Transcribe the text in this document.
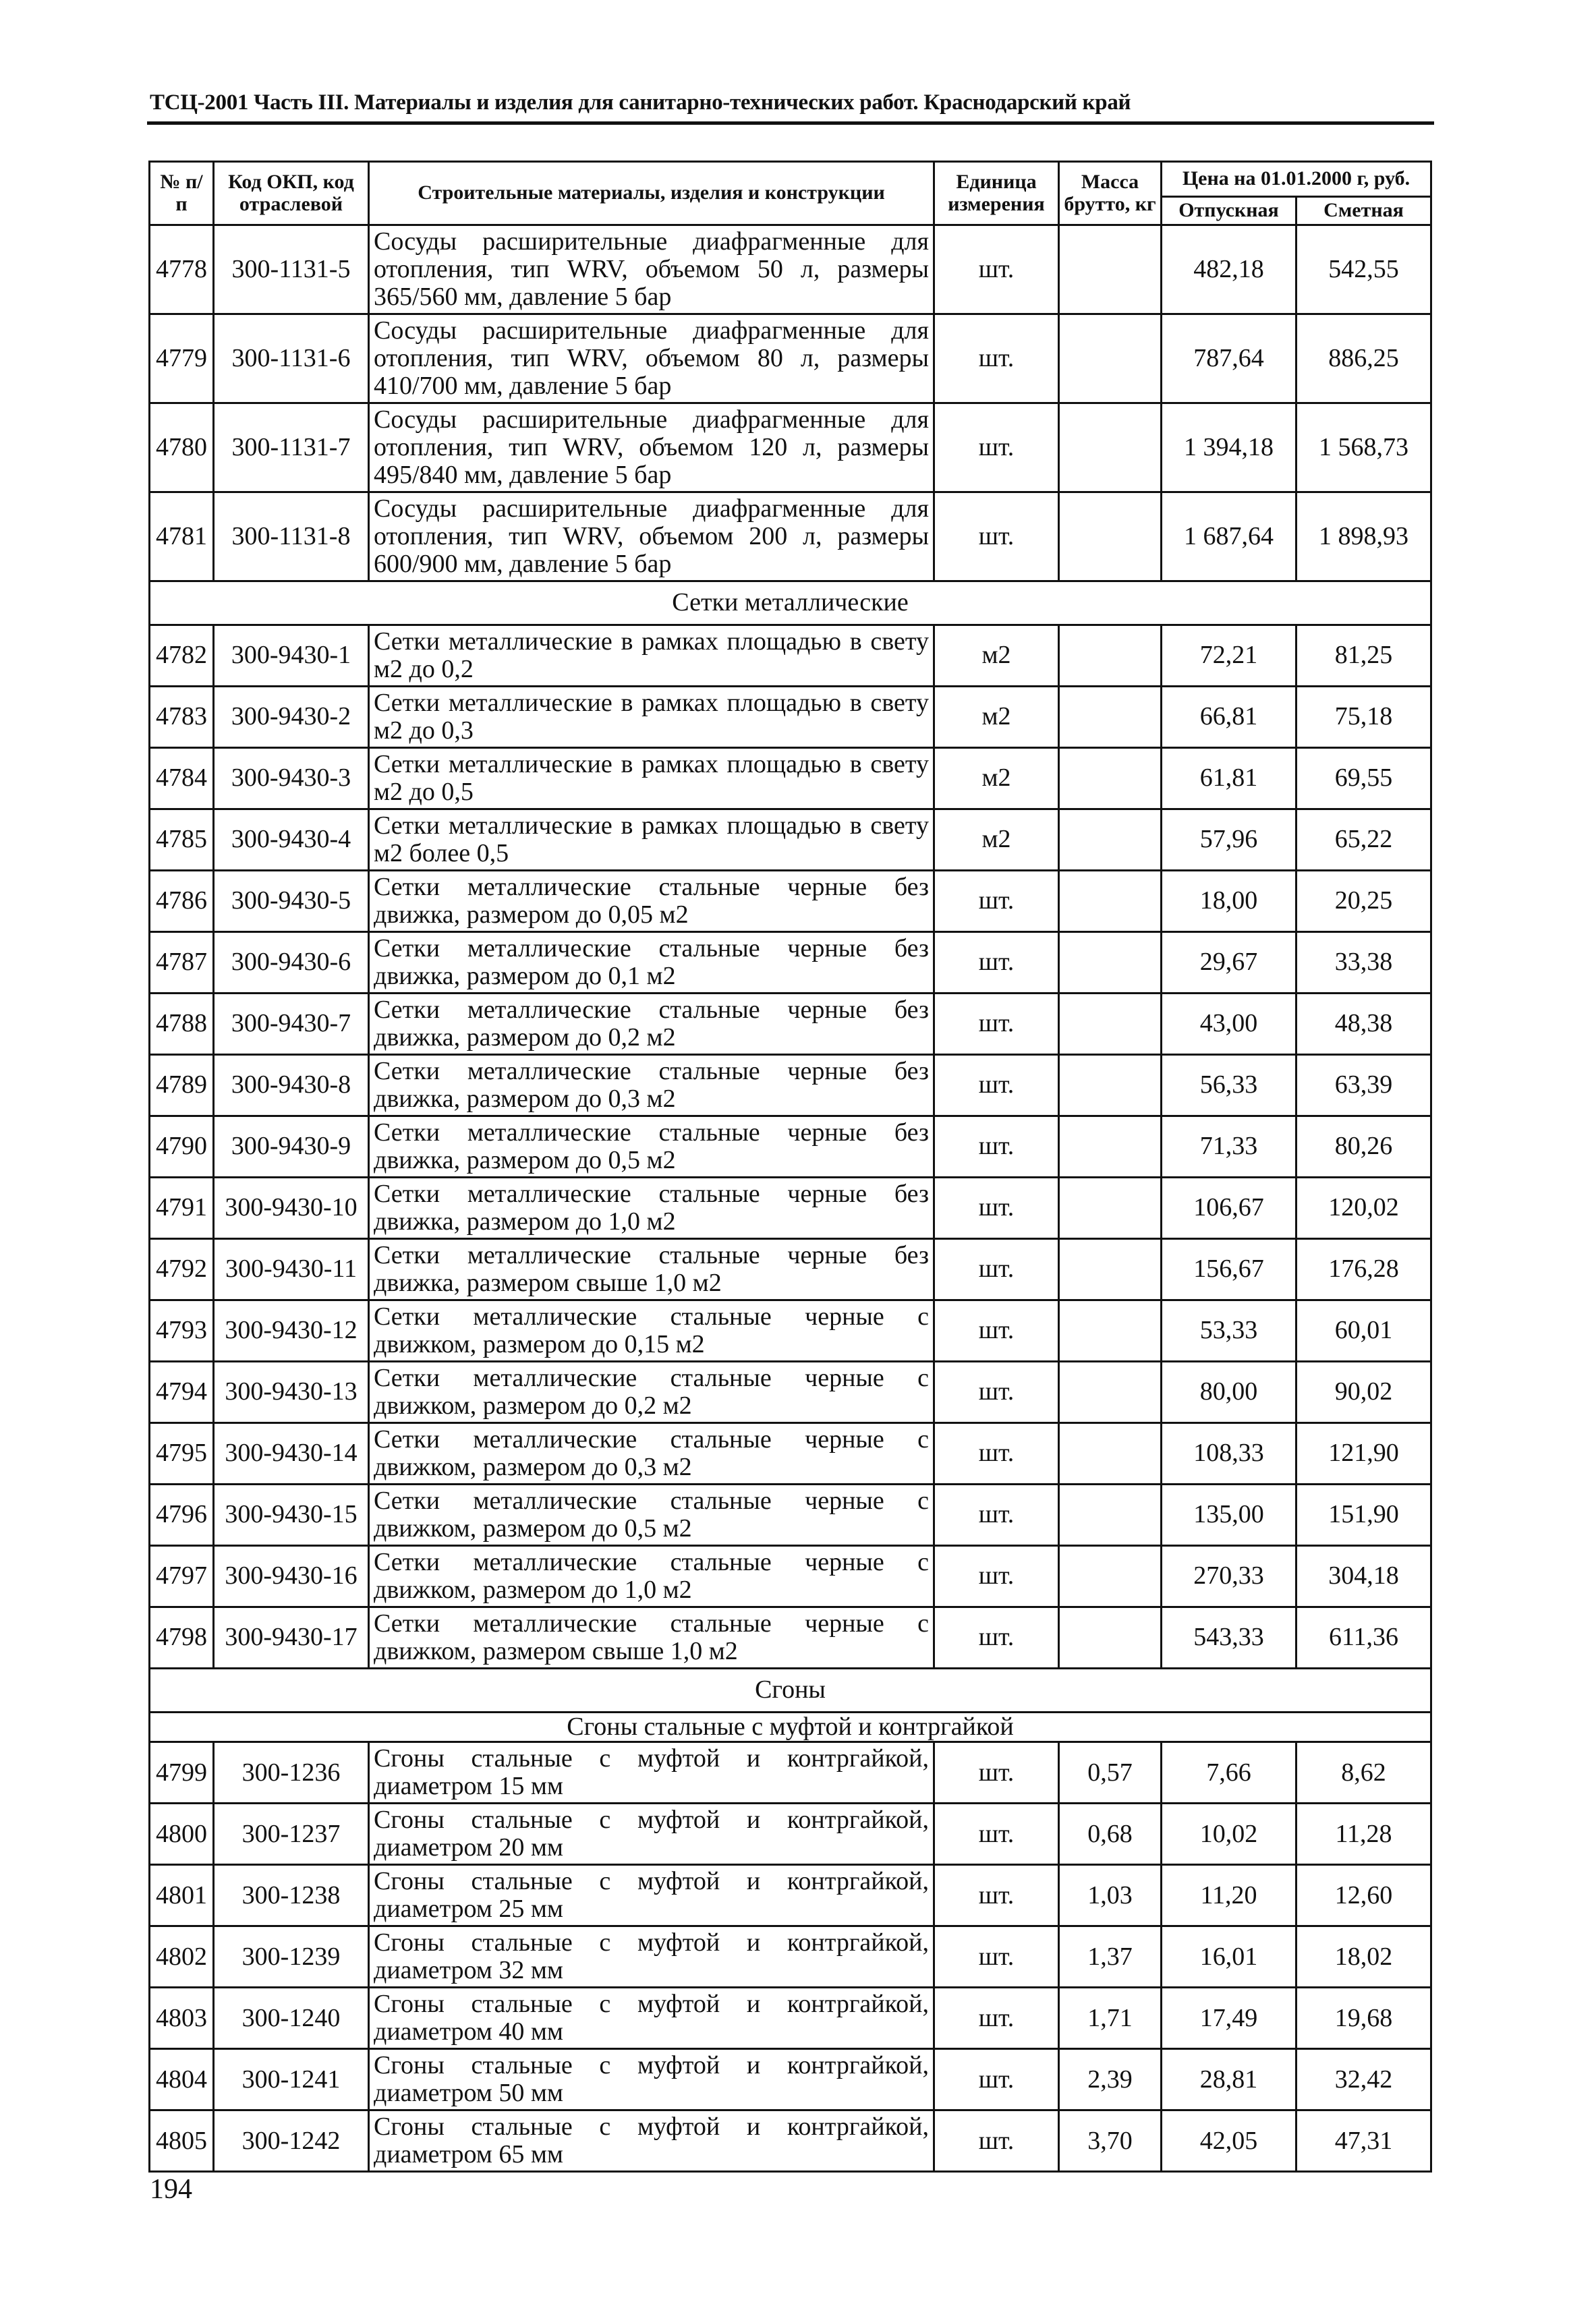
ТСЦ-2001 Часть III. Материалы и изделия для санитарно-технических работ. Краснодарский край
№ п/п	Код ОКП, код отраслевой	Строительные материалы, изделия и конструкции	Единица измерения	Масса брутто, кг	Цена на 01.01.2000 г, руб.	
					Отпускная	Сметная
4778	300-1131-5	Сосуды расширительные диафрагменные для отопления, тип WRV, объемом 50 л, размеры 365/560 мм, давление 5 бар	шт.		482,18	542,55
4779	300-1131-6	Сосуды расширительные диафрагменные для отопления, тип WRV, объемом 80 л, размеры 410/700 мм, давление 5 бар	шт.		787,64	886,25
4780	300-1131-7	Сосуды расширительные диафрагменные для отопления, тип WRV, объемом 120 л, размеры 495/840 мм, давление 5 бар	шт.		1 394,18	1 568,73
4781	300-1131-8	Сосуды расширительные диафрагменные для отопления, тип WRV, объемом 200 л, размеры 600/900 мм, давление 5 бар	шт.		1 687,64	1 898,93
Сетки металлические						
4782	300-9430-1	Сетки металлические в рамках площадью в свету м2 до 0,2	м2		72,21	81,25
4783	300-9430-2	Сетки металлические в рамках площадью в свету м2 до 0,3	м2		66,81	75,18
4784	300-9430-3	Сетки металлические в рамках площадью в свету м2 до 0,5	м2		61,81	69,55
4785	300-9430-4	Сетки металлические в рамках площадью в свету м2 более 0,5	м2		57,96	65,22
4786	300-9430-5	Сетки металлические стальные черные без движка, размером до 0,05 м2	шт.		18,00	20,25
4787	300-9430-6	Сетки металлические стальные черные без движка, размером до 0,1 м2	шт.		29,67	33,38
4788	300-9430-7	Сетки металлические стальные черные без движка, размером до 0,2 м2	шт.		43,00	48,38
4789	300-9430-8	Сетки металлические стальные черные без движка, размером до 0,3 м2	шт.		56,33	63,39
4790	300-9430-9	Сетки металлические стальные черные без движка, размером до 0,5 м2	шт.		71,33	80,26
4791	300-9430-10	Сетки металлические стальные черные без движка, размером до 1,0 м2	шт.		106,67	120,02
4792	300-9430-11	Сетки металлические стальные черные без движка, размером свыше 1,0 м2	шт.		156,67	176,28
4793	300-9430-12	Сетки металлические стальные черные с движком, размером до 0,15 м2	шт.		53,33	60,01
4794	300-9430-13	Сетки металлические стальные черные с движком, размером до 0,2 м2	шт.		80,00	90,02
4795	300-9430-14	Сетки металлические стальные черные с движком, размером до 0,3 м2	шт.		108,33	121,90
4796	300-9430-15	Сетки металлические стальные черные с движком, размером до 0,5 м2	шт.		135,00	151,90
4797	300-9430-16	Сетки металлические стальные черные с движком, размером до 1,0 м2	шт.		270,33	304,18
4798	300-9430-17	Сетки металлические стальные черные с движком, размером свыше 1,0 м2	шт.		543,33	611,36
Сгоны						
Сгоны стальные с муфтой и контргайкой						
4799	300-1236	Сгоны стальные с муфтой и контргайкой, диаметром 15 мм	шт.	0,57	7,66	8,62
4800	300-1237	Сгоны стальные с муфтой и контргайкой, диаметром 20 мм	шт.	0,68	10,02	11,28
4801	300-1238	Сгоны стальные с муфтой и контргайкой, диаметром 25 мм	шт.	1,03	11,20	12,60
4802	300-1239	Сгоны стальные с муфтой и контргайкой, диаметром 32 мм	шт.	1,37	16,01	18,02
4803	300-1240	Сгоны стальные с муфтой и контргайкой, диаметром 40 мм	шт.	1,71	17,49	19,68
4804	300-1241	Сгоны стальные с муфтой и контргайкой, диаметром 50 мм	шт.	2,39	28,81	32,42
4805	300-1242	Сгоны стальные с муфтой и контргайкой, диаметром 65 мм	шт.	3,70	42,05	47,31
194
